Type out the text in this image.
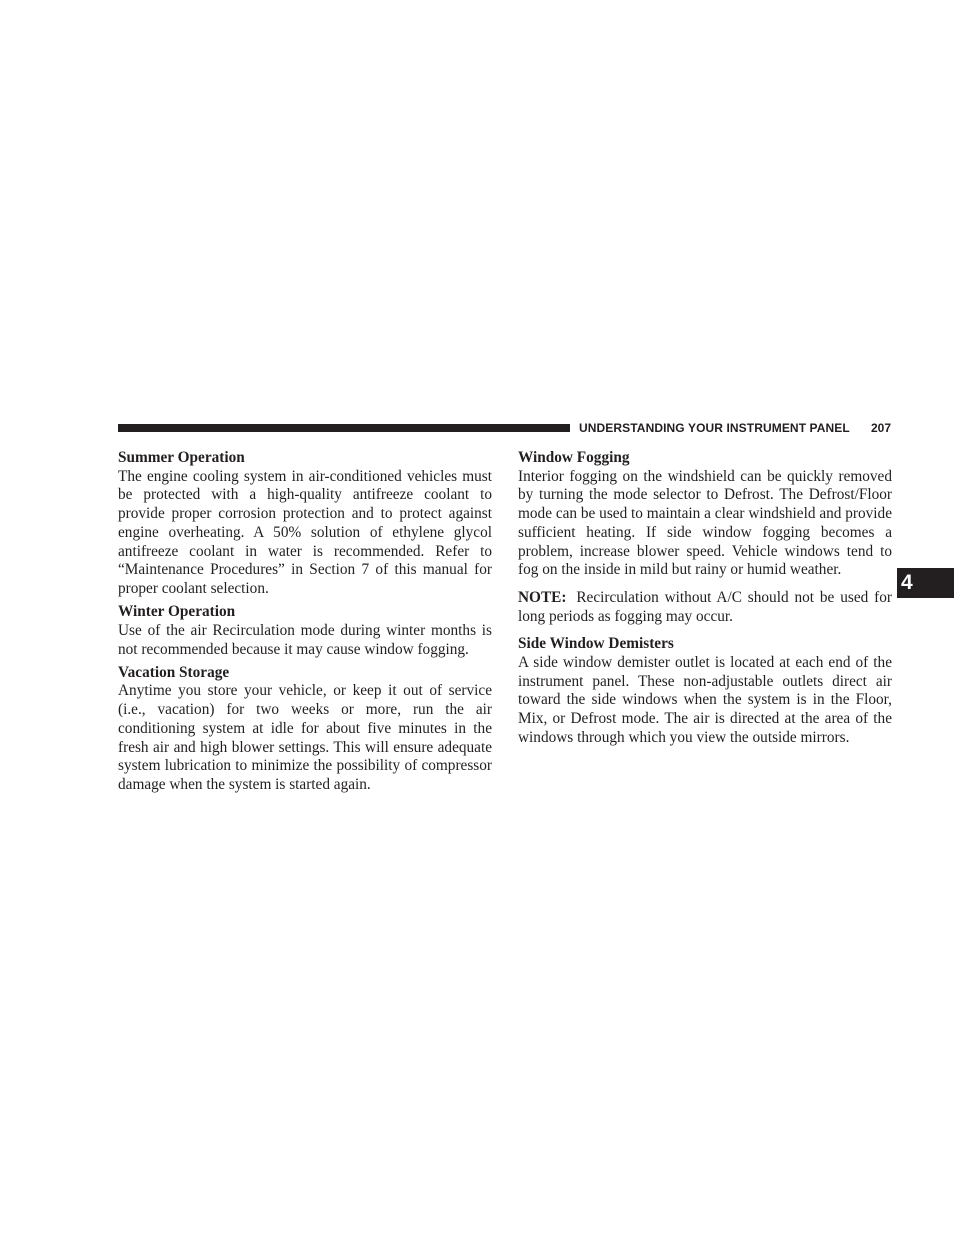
UNDERSTANDING YOUR INSTRUMENT PANEL 207
4
Summer Operation

The engine cooling system in air-conditioned vehicles must be protected with a high-quality antifreeze coolant to provide proper corrosion protection and to protect against engine overheating. A 50% solution of ethylene glycol antifreeze coolant in water is recommended. Refer to “Maintenance Procedures” in Section 7 of this manual for proper coolant selection.

Winter Operation

Use of the air Recirculation mode during winter months is not recommended because it may cause window fogging.

Vacation Storage

Anytime you store your vehicle, or keep it out of service (i.e., vacation) for two weeks or more, run the air conditioning system at idle for about five minutes in the fresh air and high blower settings. This will ensure adequate system lubrication to minimize the possibility of compressor damage when the system is started again.

Window Fogging

Interior fogging on the windshield can be quickly removed by turning the mode selector to Defrost. The Defrost/Floor mode can be used to maintain a clear windshield and provide sufficient heating. If side window fogging becomes a problem, increase blower speed. Vehicle windows tend to fog on the inside in mild but rainy or humid weather.

NOTE: Recirculation without A/C should not be used for long periods as fogging may occur.

Side Window Demisters

A side window demister outlet is located at each end of the instrument panel. These non-adjustable outlets direct air toward the side windows when the system is in the Floor, Mix, or Defrost mode. The air is directed at the area of the windows through which you view the outside mirrors.
